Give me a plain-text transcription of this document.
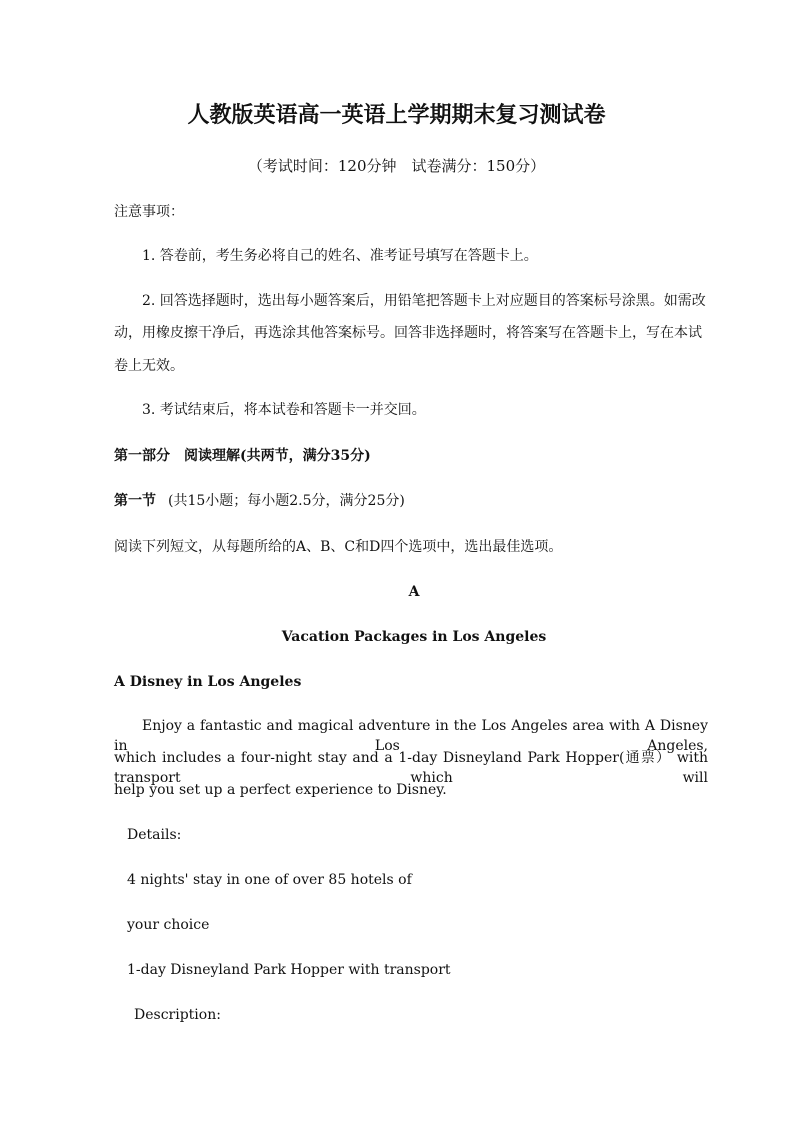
人教版英语高一英语上学期期末复习测试卷
（考试时间：120分钟　试卷满分：150分）
注意事项：
1. 答卷前，考生务必将自己的姓名、准考证号填写在答题卡上。
2. 回答选择题时，选出每小题答案后，用铅笔把答题卡上对应题目的答案标号涂黑。如需改
动，用橡皮擦干净后，再选涂其他答案标号。回答非选择题时，将答案写在答题卡上，写在本试
卷上无效。
3. 考试结束后，将本试卷和答题卡一并交回。
第一部分　阅读理解(共两节，满分35分)
第一节 (共15小题；每小题2.5分，满分25分)
阅读下列短文，从每题所给的A、B、C和D四个选项中，选出最佳选项。
A
Vacation Packages in Los Angeles
A Disney in Los Angeles
Enjoy a fantastic and magical adventure in the Los Angeles area with A Disney in Los Angeles,
which includes a four-night stay and a 1-day Disneyland Park Hopper(通票） with transport which will
help you set up a perfect experience to Disney.
Details:
4 nights' stay in one of over 85 hotels of
your choice
1-day Disneyland Park Hopper with transport
Description:
